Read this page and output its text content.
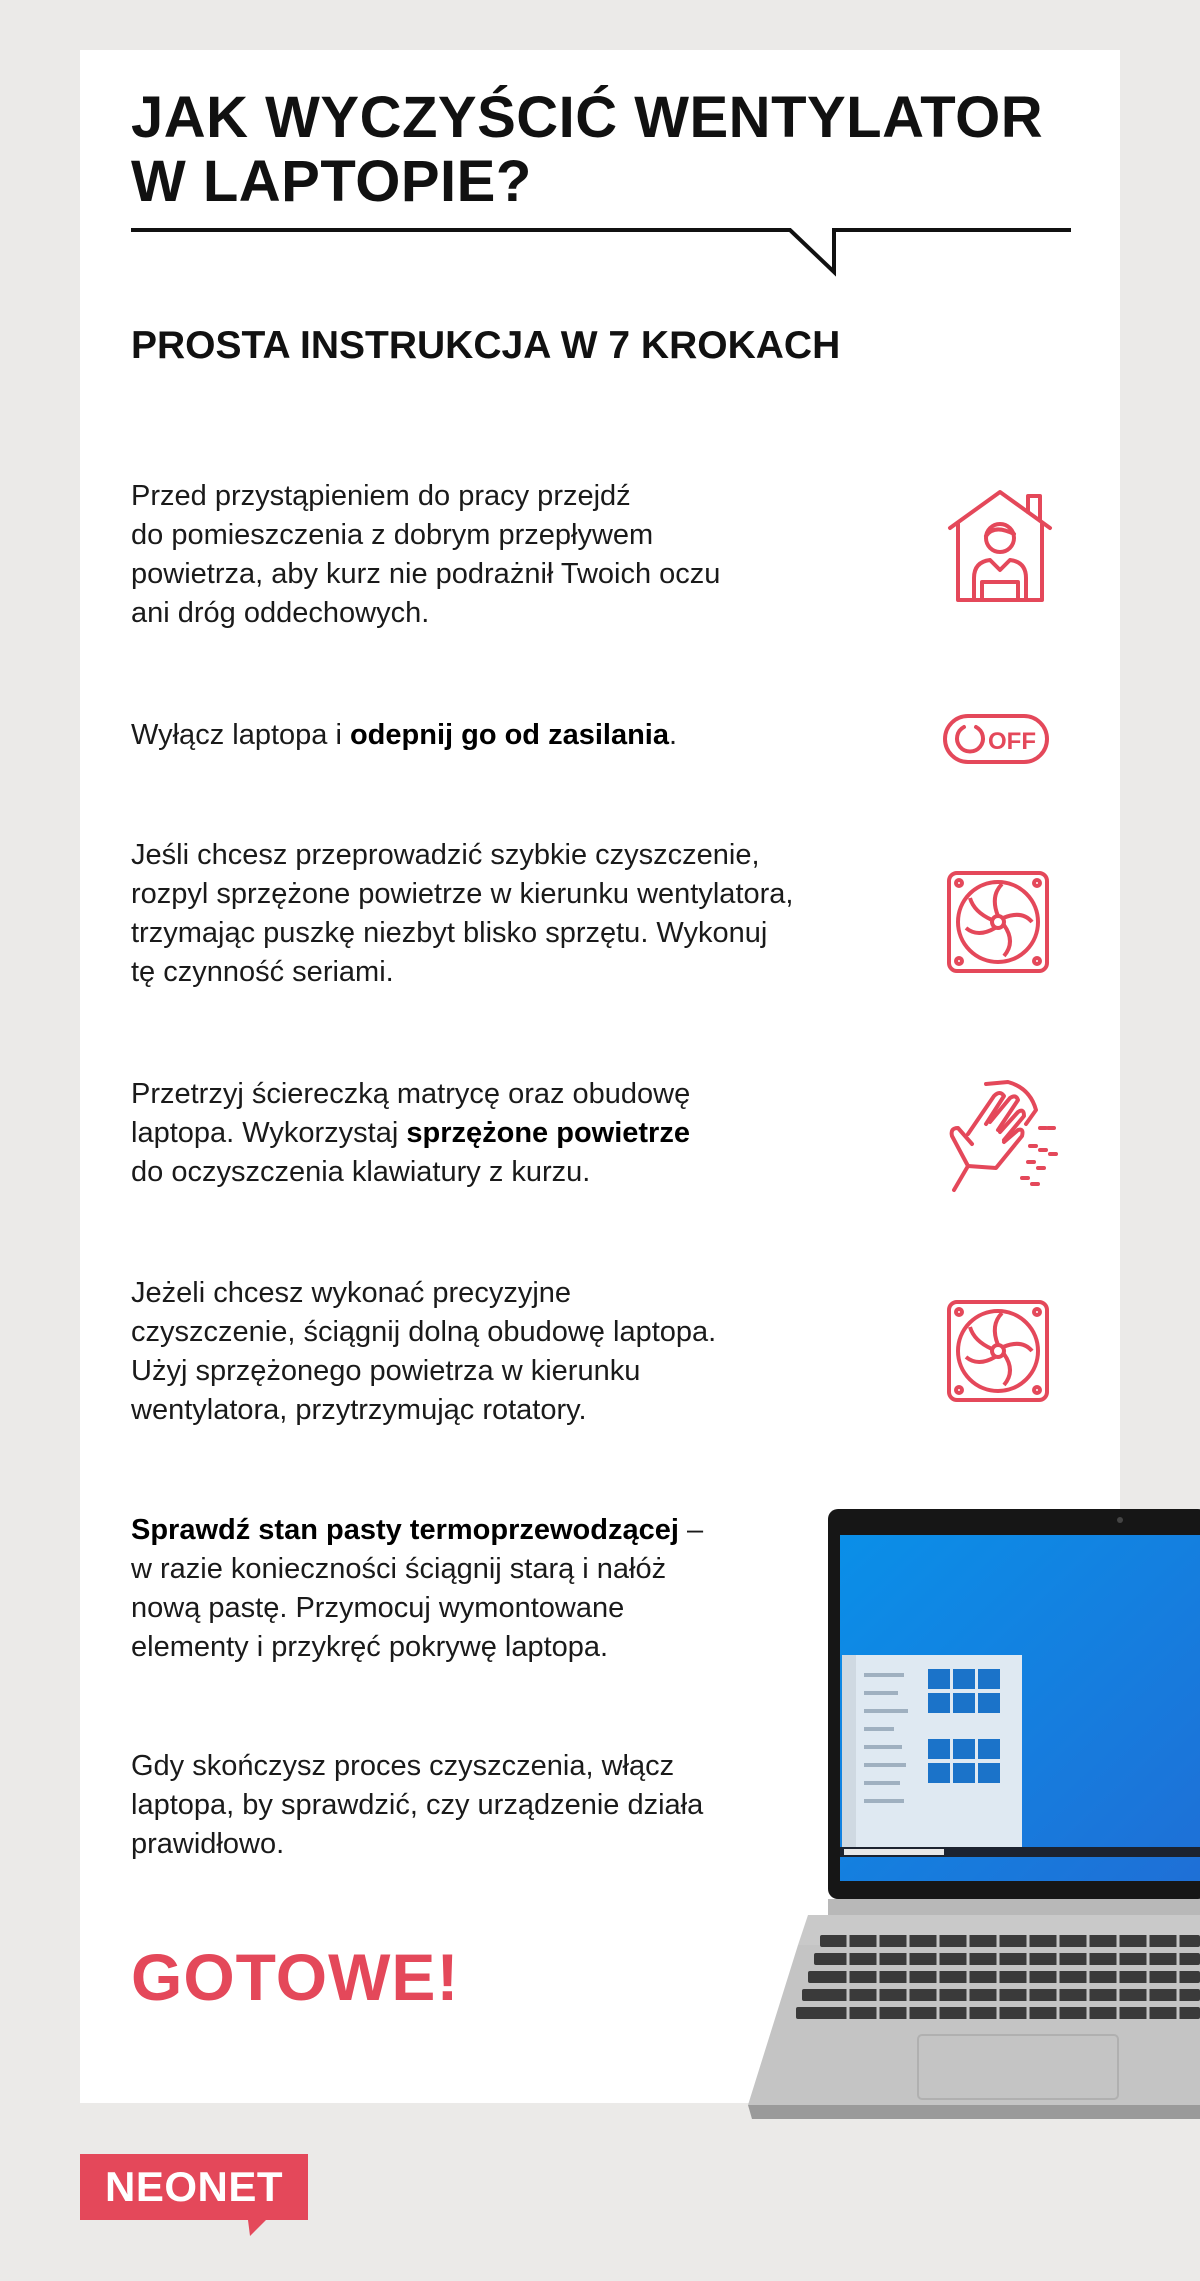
JAK WYCZYŚCIĆ WENTYLATOR
W LAPTOPIE?
PROSTA INSTRUKCJA W 7 KROKACH
Przed przystąpieniem do pracy przejdź
do pomieszczenia z dobrym przepływem
powietrza, aby kurz nie podrażnił Twoich oczu
ani dróg oddechowych.
Wyłącz laptopa i odepnij go od zasilania.	OFF
Jeśli chcesz przeprowadzić szybkie czyszczenie,
rozpyl sprzężone powietrze w kierunku wentylatora,
trzymając puszkę niezbyt blisko sprzętu. Wykonuj
tę czynność seriami.
Przetrzyj ściereczką matrycę oraz obudowę
laptopa. Wykorzystaj sprzężone powietrze
do oczyszczenia klawiatury z kurzu.
Jeżeli chcesz wykonać precyzyjne
czyszczenie, ściągnij dolną obudowę laptopa.
Użyj sprzężonego powietrza w kierunku
wentylatora, przytrzymując rotatory.
Sprawdź stan pasty termoprzewodzącej –
w razie konieczności ściągnij starą i nałóż
nową pastę. Przymocuj wymontowane
elementy i przykręć pokrywę laptopa.
Gdy skończysz proces czyszczenia, włącz
laptopa, by sprawdzić, czy urządzenie działa
prawidłowo.
GOTOWE!
NEONET
